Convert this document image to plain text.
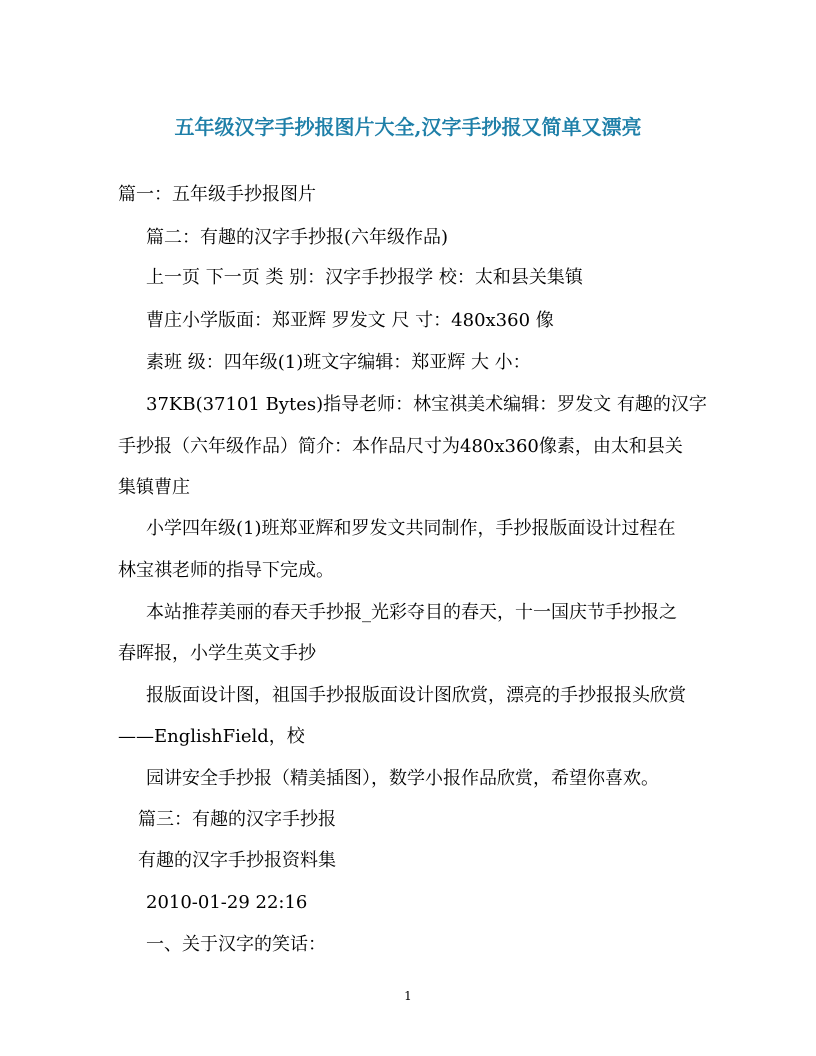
五年级汉字手抄报图片大全,汉字手抄报又简单又漂亮
篇一：五年级手抄报图片
篇二：有趣的汉字手抄报(六年级作品)
上一页 下一页 类 别：汉字手抄报学 校：太和县关集镇
曹庄小学版面：郑亚辉 罗发文 尺 寸：480x360 像
素班 级：四年级(1)班文字编辑：郑亚辉 大 小：
37KB(37101 Bytes)指导老师：林宝祺美术编辑：罗发文 有趣的汉字
手抄报（六年级作品）简介：本作品尺寸为480x360像素，由太和县关
集镇曹庄
小学四年级(1)班郑亚辉和罗发文共同制作，手抄报版面设计过程在
林宝祺老师的指导下完成。
本站推荐美丽的春天手抄报_光彩夺目的春天，十一国庆节手抄报之
春晖报，小学生英文手抄
报版面设计图，祖国手抄报版面设计图欣赏，漂亮的手抄报报头欣赏
——EnglishField，校
园讲安全手抄报（精美插图），数学小报作品欣赏，希望你喜欢。
篇三：有趣的汉字手抄报
有趣的汉字手抄报资料集
2010-01-29 22:16
一、关于汉字的笑话：
1
